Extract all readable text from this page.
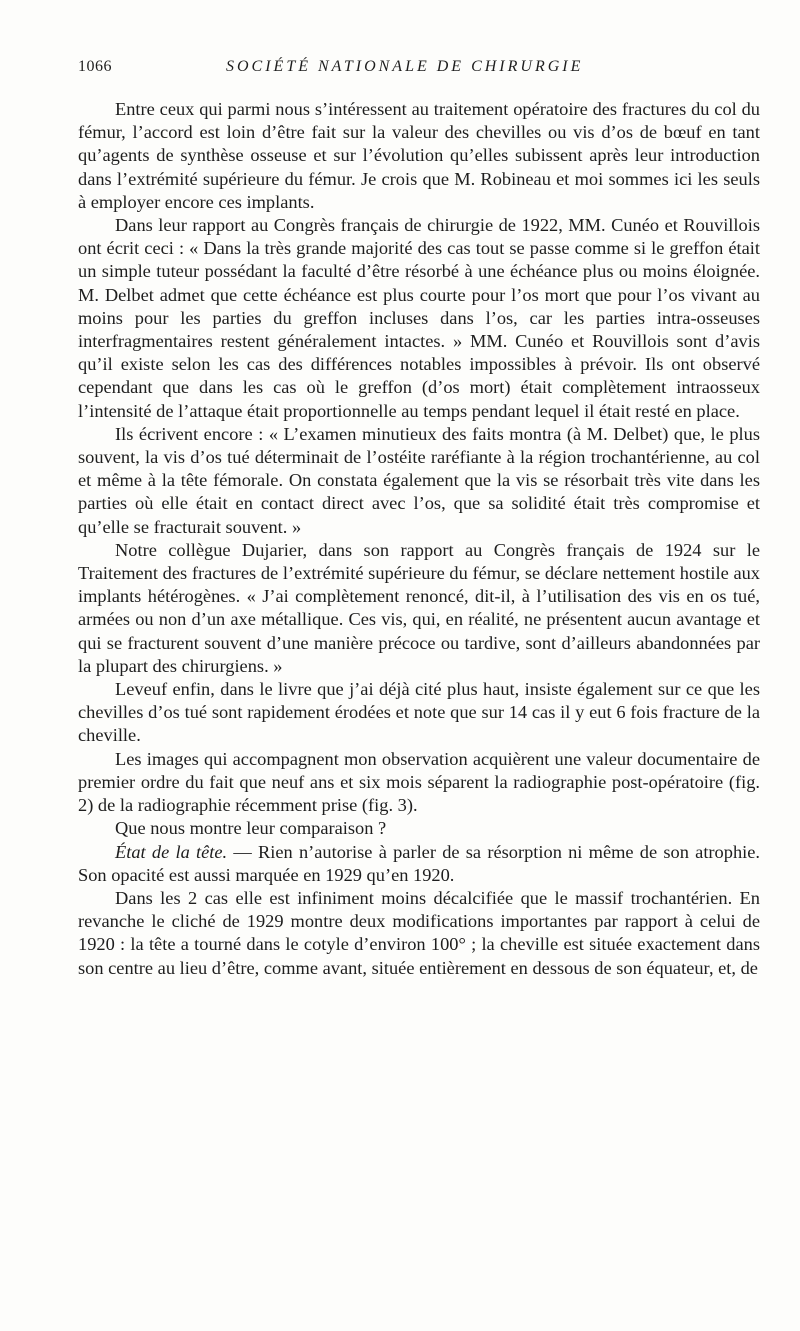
1066	SOCIÉTÉ NATIONALE DE CHIRURGIE

Entre ceux qui parmi nous s’intéressent au traitement opératoire des fractures du col du fémur, l’accord est loin d’être fait sur la valeur des chevilles ou vis d’os de bœuf en tant qu’agents de synthèse osseuse et sur l’évolution qu’elles subissent après leur introduction dans l’extrémité supérieure du fémur. Je crois que M. Robineau et moi sommes ici les seuls à employer encore ces implants.

Dans leur rapport au Congrès français de chirurgie de 1922, MM. Cunéo et Rouvillois ont écrit ceci : « Dans la très grande majorité des cas tout se passe comme si le greffon était un simple tuteur possédant la faculté d’être résorbé à une échéance plus ou moins éloignée. M. Delbet admet que cette échéance est plus courte pour l’os mort que pour l’os vivant au moins pour les parties du greffon incluses dans l’os, car les parties intra-osseuses interfragmentaires restent généralement intactes. » MM. Cunéo et Rouvillois sont d’avis qu’il existe selon les cas des différences notables impossibles à prévoir. Ils ont observé cependant que dans les cas où le greffon (d’os mort) était complètement intraosseux l’intensité de l’attaque était proportionnelle au temps pendant lequel il était resté en place.

Ils écrivent encore : « L’examen minutieux des faits montra (à M. Delbet) que, le plus souvent, la vis d’os tué déterminait de l’ostéite raréfiante à la région trochantérienne, au col et même à la tête fémorale. On constata également que la vis se résorbait très vite dans les parties où elle était en contact direct avec l’os, que sa solidité était très compromise et qu’elle se fracturait souvent. »

Notre collègue Dujarier, dans son rapport au Congrès français de 1924 sur le Traitement des fractures de l’extrémité supérieure du fémur, se déclare nettement hostile aux implants hétérogènes. « J’ai complètement renoncé, dit-il, à l’utilisation des vis en os tué, armées ou non d’un axe métallique. Ces vis, qui, en réalité, ne présentent aucun avantage et qui se fracturent souvent d’une manière précoce ou tardive, sont d’ailleurs abandonnées par la plupart des chirurgiens. »

Leveuf enfin, dans le livre que j’ai déjà cité plus haut, insiste également sur ce que les chevilles d’os tué sont rapidement érodées et note que sur 14 cas il y eut 6 fois fracture de la cheville.

Les images qui accompagnent mon observation acquièrent une valeur documentaire de premier ordre du fait que neuf ans et six mois séparent la radiographie post-opératoire (fig. 2) de la radiographie récemment prise (fig. 3).

Que nous montre leur comparaison ?

État de la tête. — Rien n’autorise à parler de sa résorption ni même de son atrophie. Son opacité est aussi marquée en 1929 qu’en 1920.

Dans les 2 cas elle est infiniment moins décalcifiée que le massif trochantérien. En revanche le cliché de 1929 montre deux modifications importantes par rapport à celui de 1920 : la tête a tourné dans le cotyle d’environ 100° ; la cheville est située exactement dans son centre au lieu d’être, comme avant, située entièrement en dessous de son équateur, et, de
